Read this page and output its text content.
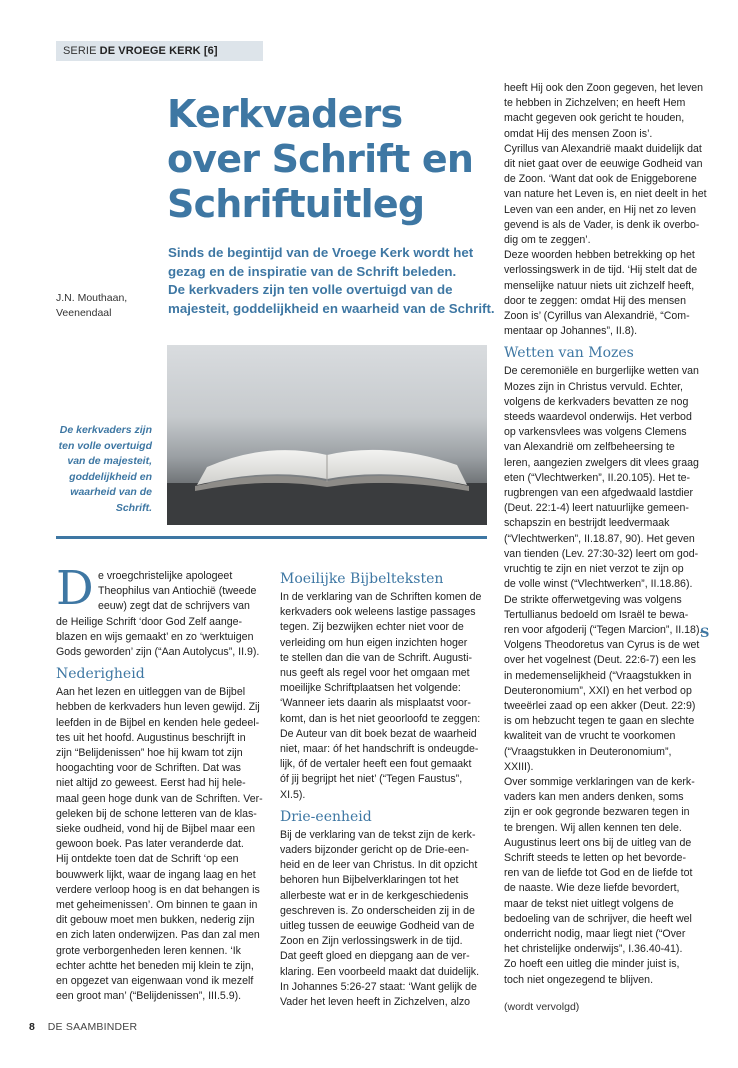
SERIE DE VROEGE KERK [6]
Kerkvaders
over Schrift en
Schriftuitleg
Sinds de begintijd van de Vroege Kerk wordt het
gezag en de inspiratie van de Schrift beleden.
De kerkvaders zijn ten volle overtuigd van de
majesteit, goddelijkheid en waarheid van de Schrift.
J.N. Mouthaan,
Veenendaal
De kerkvaders zijn
ten volle overtuigd
van de majesteit,
goddelijkheid en
waarheid van de
Schrift.
D e vroegchristelijke apologeet
Theophilus van Antiochië (tweede
eeuw) zegt dat de schrijvers van
de Heilige Schrift ‘door God Zelf aange-
blazen en wijs gemaakt’ en zo ‘werktuigen
Gods geworden’ zijn (“Aan Autolycus”, II.9).
Nederigheid
Aan het lezen en uitleggen van de Bijbel
hebben de kerkvaders hun leven gewijd. Zij
leefden in de Bijbel en kenden hele gedeel-
tes uit het hoofd. Augustinus beschrijft in
zijn “Belijdenissen” hoe hij kwam tot zijn
hoogachting voor de Schriften. Dat was
niet altijd zo geweest. Eerst had hij hele-
maal geen hoge dunk van de Schriften. Ver-
geleken bij de schone letteren van de klas-
sieke oudheid, vond hij de Bijbel maar een
gewoon boek. Pas later veranderde dat.
Hij ontdekte toen dat de Schrift ‘op een
bouwwerk lijkt, waar de ingang laag en het
verdere verloop hoog is en dat behangen is
met geheimenissen’. Om binnen te gaan in
dit gebouw moet men bukken, nederig zijn
en zich laten onderwijzen. Pas dan zal men
grote verborgenheden leren kennen. ‘Ik
echter achtte het beneden mij klein te zijn,
en opgezet van eigenwaan vond ik mezelf
een groot man’ (“Belijdenissen”, III.5.9).
Moeilijke Bijbelteksten
In de verklaring van de Schriften komen de
kerkvaders ook weleens lastige passages
tegen. Zij bezwijken echter niet voor de
verleiding om hun eigen inzichten hoger
te stellen dan die van de Schrift. Augusti-
nus geeft als regel voor het omgaan met
moeilijke Schriftplaatsen het volgende:
‘Wanneer iets daarin als misplaatst voor-
komt, dan is het niet geoorloofd te zeggen:
De Auteur van dit boek bezat de waarheid
niet, maar: óf het handschrift is ondeugde-
lijk, óf de vertaler heeft een fout gemaakt
óf jij begrijpt het niet’ (“Tegen Faustus”,
XI.5).
Drie-eenheid
Bij de verklaring van de tekst zijn de kerk-
vaders bijzonder gericht op de Drie-een-
heid en de leer van Christus. In dit opzicht
behoren hun Bijbelverklaringen tot het
allerbeste wat er in de kerkgeschiedenis
geschreven is. Zo onderscheiden zij in de
uitleg tussen de eeuwige Godheid van de
Zoon en Zijn verlossingswerk in de tijd.
Dat geeft gloed en diepgang aan de ver-
klaring. Een voorbeeld maakt dat duidelijk.
In Johannes 5:26-27 staat: ‘Want gelijk de
Vader het leven heeft in Zichzelven, alzo
heeft Hij ook den Zoon gegeven, het leven
te hebben in Zichzelven; en heeft Hem
macht gegeven ook gericht te houden,
omdat Hij des mensen Zoon is’.
Cyrillus van Alexandrië maakt duidelijk dat
dit niet gaat over de eeuwige Godheid van
de Zoon. ‘Want dat ook de Eniggeborene
van nature het Leven is, en niet deelt in het
Leven van een ander, en Hij net zo leven
gevend is als de Vader, is denk ik overbo-
dig om te zeggen’.
Deze woorden hebben betrekking op het
verlossingswerk in de tijd. ‘Hij stelt dat de
menselijke natuur niets uit zichzelf heeft,
door te zeggen: omdat Hij des mensen
Zoon is’ (Cyrillus van Alexandrië, “Com-
mentaar op Johannes”, II.8).
Wetten van Mozes
De ceremoniële en burgerlijke wetten van
Mozes zijn in Christus vervuld. Echter,
volgens de kerkvaders bevatten ze nog
steeds waardevol onderwijs. Het verbod
op varkensvlees was volgens Clemens
van Alexandrië om zelfbeheersing te
leren, aangezien zwelgers dit vlees graag
eten (“Vlechtwerken”, II.20.105). Het te-
rugbrengen van een afgedwaald lastdier
(Deut. 22:1-4) leert natuurlijke gemeen-
schapszin en bestrijdt leedvermaak
(“Vlechtwerken”, II.18.87, 90). Het geven
van tienden (Lev. 27:30-32) leert om god-
vruchtig te zijn en niet verzot te zijn op
de volle winst (“Vlechtwerken”, II.18.86).
De strikte offerwetgeving was volgens
Tertullianus bedoeld om Israël te bewa-
ren voor afgoderij (“Tegen Marcion”, II.18).
Volgens Theodoretus van Cyrus is de wet
over het vogelnest (Deut. 22:6-7) een les
in medemenselijkheid (“Vraagstukken in
Deuteronomium”, XXI) en het verbod op
tweeërlei zaad op een akker (Deut. 22:9)
is om hebzucht tegen te gaan en slechte
kwaliteit van de vrucht te voorkomen
(“Vraagstukken in Deuteronomium”,
XXIII).
Over sommige verklaringen van de kerk-
vaders kan men anders denken, soms
zijn er ook gegronde bezwaren tegen in
te brengen. Wij allen kennen ten dele.
Augustinus leert ons bij de uitleg van de
Schrift steeds te letten op het bevorde-
ren van de liefde tot God en de liefde tot
de naaste. Wie deze liefde bevordert,
maar de tekst niet uitlegt volgens de
bedoeling van de schrijver, die heeft wel
onderricht nodig, maar liegt niet (“Over
het christelijke onderwijs”, I.36.40-41).
Zo hoeft een uitleg die minder juist is,
toch niet ongezegend te blijven.
(wordt vervolgd)
S
8 DE SAAMBINDER
